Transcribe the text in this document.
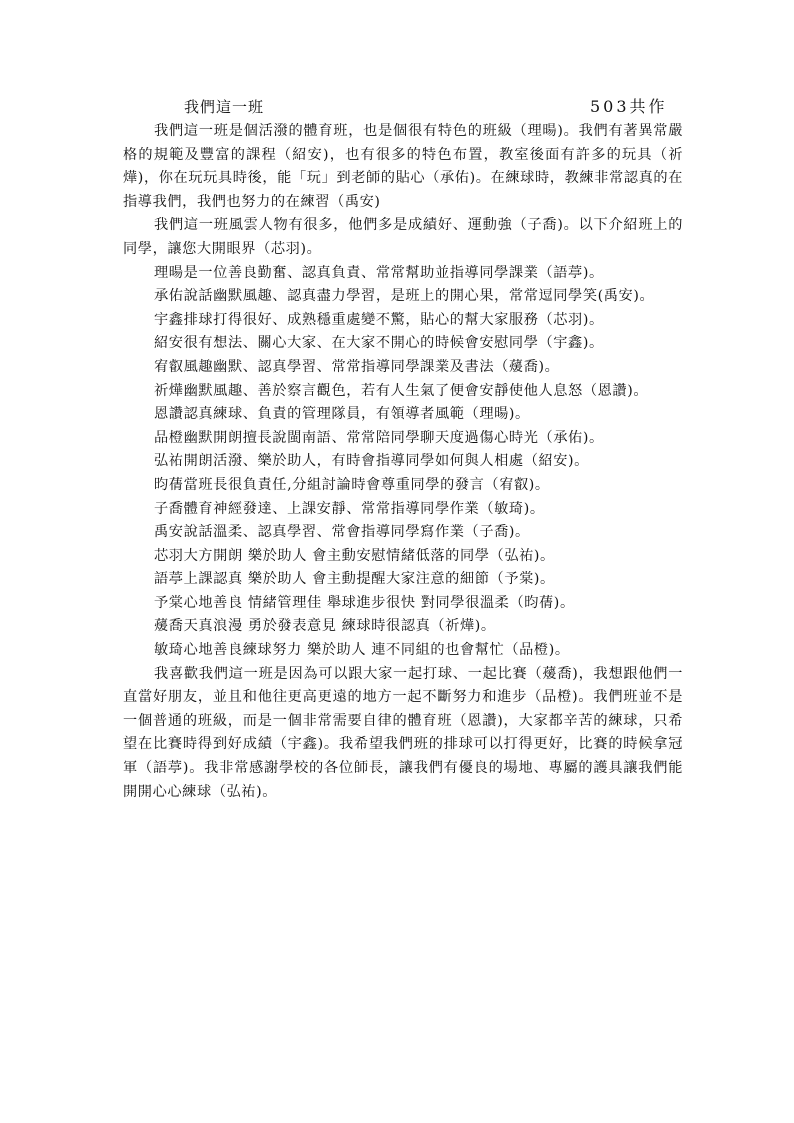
我們這一班	503共作

我們這一班是個活潑的體育班，也是個很有特色的班級（理暘)。我們有著異常嚴格的規範及豐富的課程（紹安)，也有很多的特色布置，教室後面有許多的玩具（祈燁)，你在玩玩具時後，能「玩」到老師的貼心（承佑)。在練球時，教練非常認真的在指導我們，我們也努力的在練習（禹安)

我們這一班風雲人物有很多，他們多是成績好、運動強（子喬)。以下介紹班上的同學，讓您大開眼界（芯羽)。

理暘是一位善良勤奮、認真負責、常常幫助並指導同學課業（語葶)。

承佑說話幽默風趣、認真盡力學習，是班上的開心果，常常逗同學笑(禹安)。

宇鑫排球打得很好、成熟穩重處變不驚，貼心的幫大家服務（芯羽)。

紹安很有想法、關心大家、在大家不開心的時候會安慰同學（宇鑫)。

宥叡風趣幽默、認真學習、常常指導同學課業及書法（蕿喬)。

祈燁幽默風趣、善於察言觀色，若有人生氣了便會安靜使他人息怒（恩讚)。

恩讚認真練球、負責的管理隊員，有領導者風範（理暘)。

品橙幽默開朗擅長說閩南語、常常陪同學聊天度過傷心時光（承佑)。

弘祐開朗活潑、樂於助人，有時會指導同學如何與人相處（紹安)。

昀蒨當班長很負責任,分組討論時會尊重同學的發言（宥叡)。

子喬體育神經發達、上課安靜、常常指導同學作業（敏琦)。

禹安說話溫柔、認真學習、常會指導同學寫作業（子喬)。

芯羽大方開朗 樂於助人 會主動安慰情緒低落的同學（弘祐)。

語葶上課認真 樂於助人 會主動提醒大家注意的細節（予棠)。

予棠心地善良 情緒管理佳 舉球進步很快 對同學很溫柔（昀蒨)。

蕿喬天真浪漫 勇於發表意見 練球時很認真（祈燁)。

敏琦心地善良練球努力 樂於助人 連不同組的也會幫忙（品橙)。

我喜歡我們這一班是因為可以跟大家一起打球、一起比賽（蕿喬)，我想跟他們一直當好朋友，並且和他往更高更遠的地方一起不斷努力和進步（品橙)。我們班並不是一個普通的班級，而是一個非常需要自律的體育班（恩讚)，大家都辛苦的練球，只希望在比賽時得到好成績（宇鑫)。我希望我們班的排球可以打得更好，比賽的時候拿冠軍（語葶)。我非常感謝學校的各位師長，讓我們有優良的場地、專屬的護具讓我們能開開心心練球（弘祐)。
